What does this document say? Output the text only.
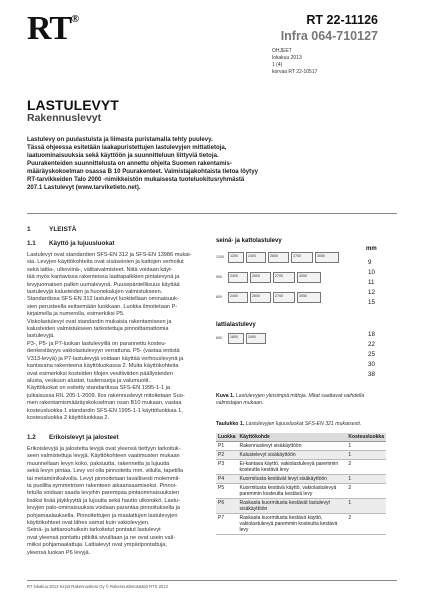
RT®	RT 22-11126
Infra 064-710127
OHJEET
lokakuu 2013
1 (4)
korvaa RT 22-10517
LASTULEVYT
Rakennuslevyt
Lastulevy on puulastuista ja liimasta puristamalla tehty puulevy.
Tässä ohjeessa esitetään laakapuristettujen lastulevyjen mittatietoja,
laatuominaisuuksia sekä käyttöön ja suunnitteluun liittyviä tietoja.
Puurakenteiden suunnittelusta on annettu ohjeita Suomen rakentamis-
määräyskokoelman osassa B 10 Puurakenteet. Valmistajakohtaista tietoa löytyy
RT-tarvikkeiden Talo 2000 -nimikkeistön mukaisesta tuoteluokitusryhmästä
207.1 Lastulevyt (www.tarviketieto.net).
1	YLEISTÄ
1.1 Käyttö ja lujuusluokat
Lastulevyt ovat standardien SFS-EN 312 ja SFS-EN 13986 mukai-
sia. Levyjen käyttökohteita ovat sisäseinien ja kattojen verhoilut
sekä lattia-, ulkoviinä-, välitaivalmisteet. Niitä voidaan käyt-
tää myös kantavissa rakenteissa laattapalkkien pintalevynä ja
levyjuomaisen palkin uumalevynä. Puusepäntelliisuus käyttää
lastulevyjä kalusteiden ja huonekalujen valmistukseen.
Standardissa SFS-EN 312 lastulevyt luokitellaan ominaisuuk-
sien perusteella seitsemään luokkaan. Luokka ilmoitetaan P-
kirjaimella ja numerolla, esimerkiksi P5.
Viskolastulevyt ovat standardin mukaisia rakentamiseen ja
kalusteiden valmistukseen tarkoitettuja pinnoittamattomia
lastulevyjä.
P3-, P5- ja P7-luokan lastulevyillä on parannettu kosteu-
denkestävyys vakiolastulevyyn verrattuna. P5- (vastaa entistä
V313-levyä) ja P7-lastulevyjä voidaan käyttää verhouslevynä ja
kantavana rakenteena käyttöluokassa 2. Muita käyttökohteita
ovat esimerkiksi kosteiden tilojen vesitiiviiden päällysteiden
alusta, veskuun alustat, tuulensuoja ja valumuotit.
Käyttöluokat on esitetty standardissa SFS-EN 1995-1-1 ja
julkaisussa RIL 205-1-2009. Ilos rakennuslevyt mitoitetaan Suo-
men rakentamismääräyskokoelman osan B10 mukaan, vastaa
kosteusluokka 1 standardin SFS-EN 1995-1-1 käyttöluokkaa 1,
kosteusluokka 2 käyttöluokkaa 2.
1.2 Erikoislevyt ja jalosteet
Erikoislevyjä ja jalostetta levyjä ovat yleensä tiettyyn tarkoituk-
seen valmistettuja levyjä. Käyttökohteen vaatimusten mukaan
muunnellaan levyn koko, paksuutta, rakennetta ja lujuutta
sekä levyn pintaa. Levy voi olla pinnoitettu mm. viilulla, tapetilla
tai melamiinikalvolla. Levyt pinnoitetaan tavallisesti molemmil-
ta puolilta symmetrisen rakenteen aikaansaamiseksi. Pinnoi-
tetulla voidaan saada levyihin parempaa pintaominaisuuksien
lisäksi lisää jäykkyyttä ja lujuutta sekä hautto ulkonäkö. Lastu-
levyjen palo-ominaisuuksia voidaan parantaa pinnoituksella ja
pohjamaalauksella. Pinnoitettujen ja maalattujen lastulevyjen
käyttökohteet ovat lähes samat kuin vakiolevyjen.
Seinä- ja lattiarouhuiksin tarkoitetut pontatut lastulevyt
ovat yleensä pontattu pitkiltä sivuiltaan ja ne ovat usein vali-
miiksi pohjamaalattuja. Lattialevyt ovat ympäripontattuja,
yleensä luokan P6 levyjä.
seinä- ja kattolastulevy
mm
1200	2400	2600	2700	3050
1200
2400	2600	2700	3050
900
2400	2600	2700	3050
600
9
10
11
12
15
lattialastulevy
1800	2400
600	18
22
25
30
38
Kuva 1. Lastulevyjen yleisimpiä mittoja. Mitat saattavat vaihdella
valmistajan mukaan.
Taulukko 1. Lastulevyjen lujuusluokat SFS-EN 321 mukaisesti.
Luokka	Käyttökohde	Kosteusluokka
P1	Rakennuslevyt sisäkäyttöön	1
P2	Kalustelevyt sisäkäyttöön	1
P3	Ei-kantava käyttö, vakiolastulevyä paremmin kosteutta kestävä levy	2
P4	Kuormitusta kestävät levyt sisäkäyttöön	1
P5	Kuormitusta kestävä käyttö, vakiolastulevyä paremmin kosteutta kestävä levy	2
P6	Raskasta kuormitusta kestävät lastulevyt sisäkäyttöön	1
P7	Raskasta kuormitusta kestävä käyttö, vakiolastulevyä paremmin kosteutta kestävä levy	2
RT lokakuu 2013 Kirjoit Rakennustieto Oy © Rakennustietosäätiö RTS 2013
